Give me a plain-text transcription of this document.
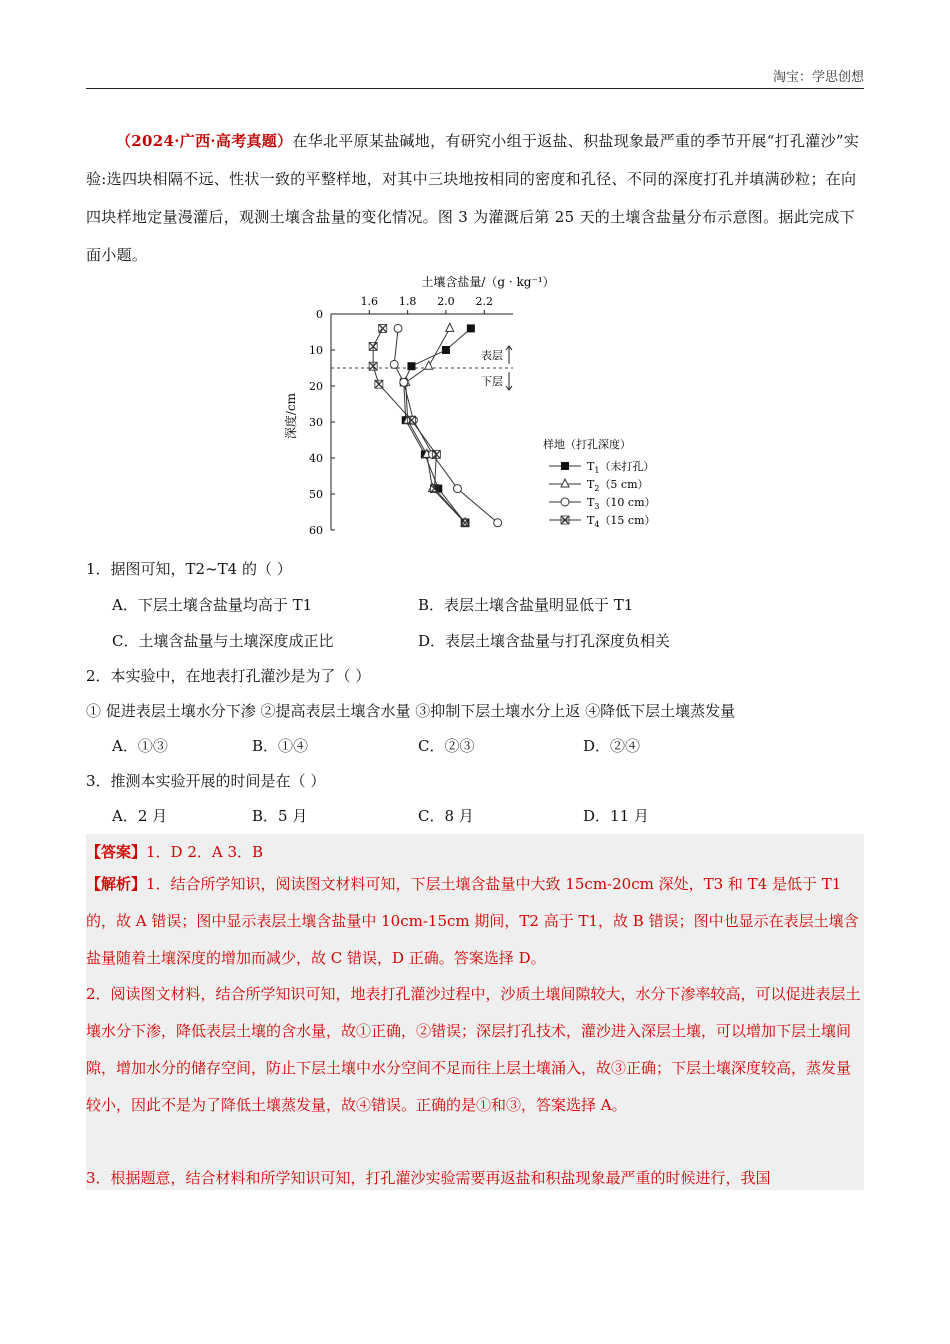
淘宝：学思创想
（2024·广西·高考真题）在华北平原某盐碱地，有研究小组于返盐、积盐现象最严重的季节开展“打孔灌沙”实验:选四块相隔不远、性状一致的平整样地，对其中三块地按相同的密度和孔径、不同的深度打孔并填满砂粒；在向四块样地定量漫灌后，观测土壤含盐量的变化情况。图 3 为灌溉后第 25 天的土壤含盐量分布示意图。据此完成下面小题。
土壤含盐量/（g · kg⁻¹）
深度/cm
1.6 1.8 2.0 2.2
0
10
20
30
40
50
60
表层
下层
样地（打孔深度）
$T_1$（未打孔）
$T_2(5$ cm）
$T_3(10$ cm）
$T_4(15$ cm）
1．据图可知，T2~T4 的（ ）
A．下层土壤含盐量均高于 T1	B．表层土壤含盐量明显低于 T1
C．土壤含盐量与土壤深度成正比	D．表层土壤含盐量与打孔深度负相关
2．本实验中，在地表打孔灌沙是为了（ ）
① 促进表层土壤水分下渗 ②提高表层土壤含水量 ③抑制下层土壤水分上返 ④降低下层土壤蒸发量
A．①③	B．①④	C．②③	D．②④
3．推测本实验开展的时间是在（ ）
A．2 月	B．5 月	C．8 月	D．11 月
【答案】1．D 2．A 3．B
【解析】1．结合所学知识，阅读图文材料可知，下层土壤含盐量中大致 15cm-20cm 深处，T3 和 T4 是低于 T1 的，故 A 错误；图中显示表层土壤含盐量中 10cm-15cm 期间，T2 高于 T1，故 B 错误；图中也显示在表层土壤含盐量随着土壤深度的增加而减少，故 C 错误，D 正确。答案选择 D。
2．阅读图文材料，结合所学知识可知，地表打孔灌沙过程中，沙质土壤间隙较大，水分下渗率较高，可以促进表层土壤水分下渗，降低表层土壤的含水量，故①正确，②错误；深层打孔技术，灌沙进入深层土壤，可以增加下层土壤间隙，增加水分的储存空间，防止下层土壤中水分空间不足而往上层土壤涌入，故③正确；下层土壤深度较高，蒸发量较小，因此不是为了降低土壤蒸发量，故④错误。正确的是①和③，答案选择 A。
3．根据题意，结合材料和所学知识可知，打孔灌沙实验需要再返盐和积盐现象最严重的时候进行，我国
